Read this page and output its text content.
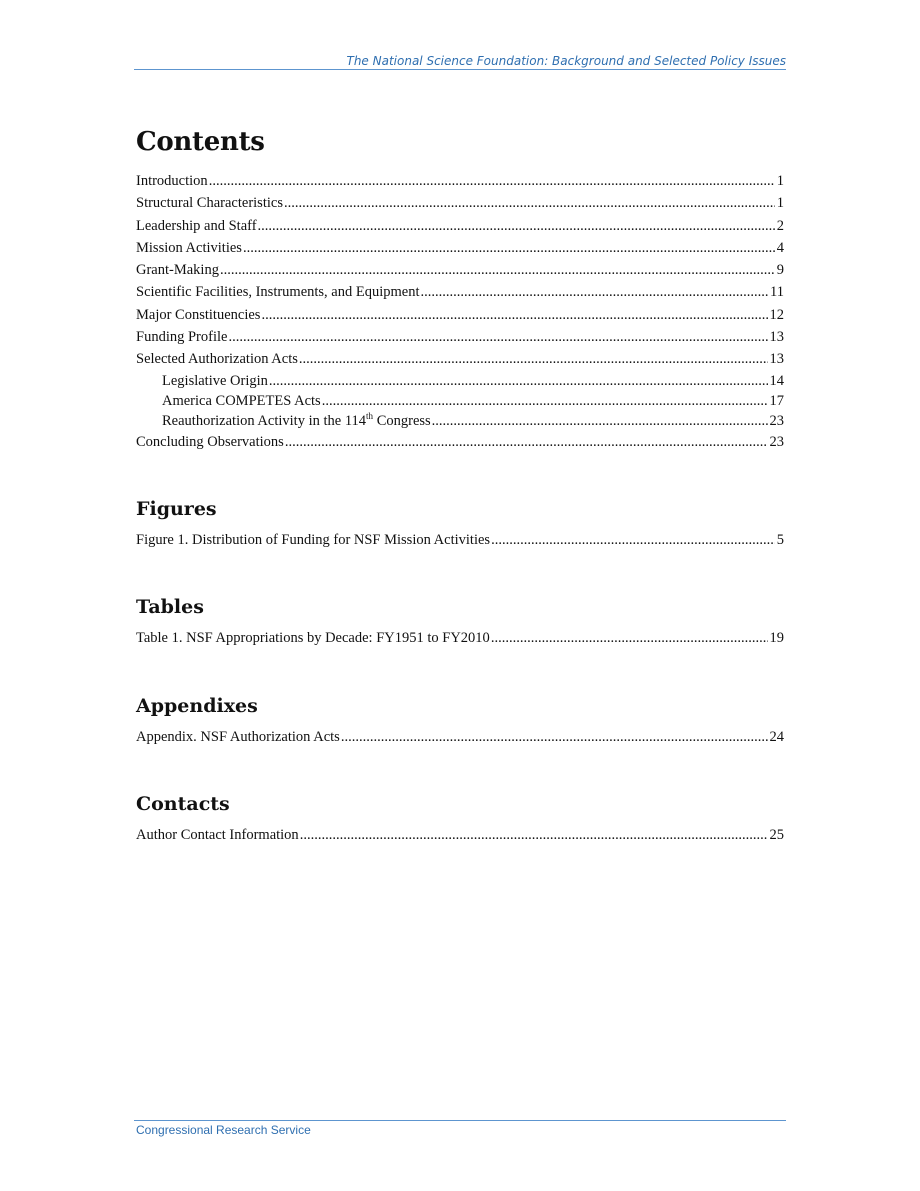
The National Science Foundation: Background and Selected Policy Issues
Contents
Introduction .....	1
Structural Characteristics .....	1
Leadership and Staff .....	2
Mission Activities .....	4
Grant-Making .....	9
Scientific Facilities, Instruments, and Equipment .....	11
Major Constituencies .....	12
Funding Profile .....	13
Selected Authorization Acts .....	13
Legislative Origin .....	14
America COMPETES Acts .....	17
Reauthorization Activity in the 114th Congress .....	23
Concluding Observations .....	23
Figures
Figure 1. Distribution of Funding for NSF Mission Activities .....	5
Tables
Table 1. NSF Appropriations by Decade: FY1951 to FY2010 .....	19
Appendixes
Appendix. NSF Authorization Acts .....	24
Contacts
Author Contact Information .....	25
Congressional Research Service
